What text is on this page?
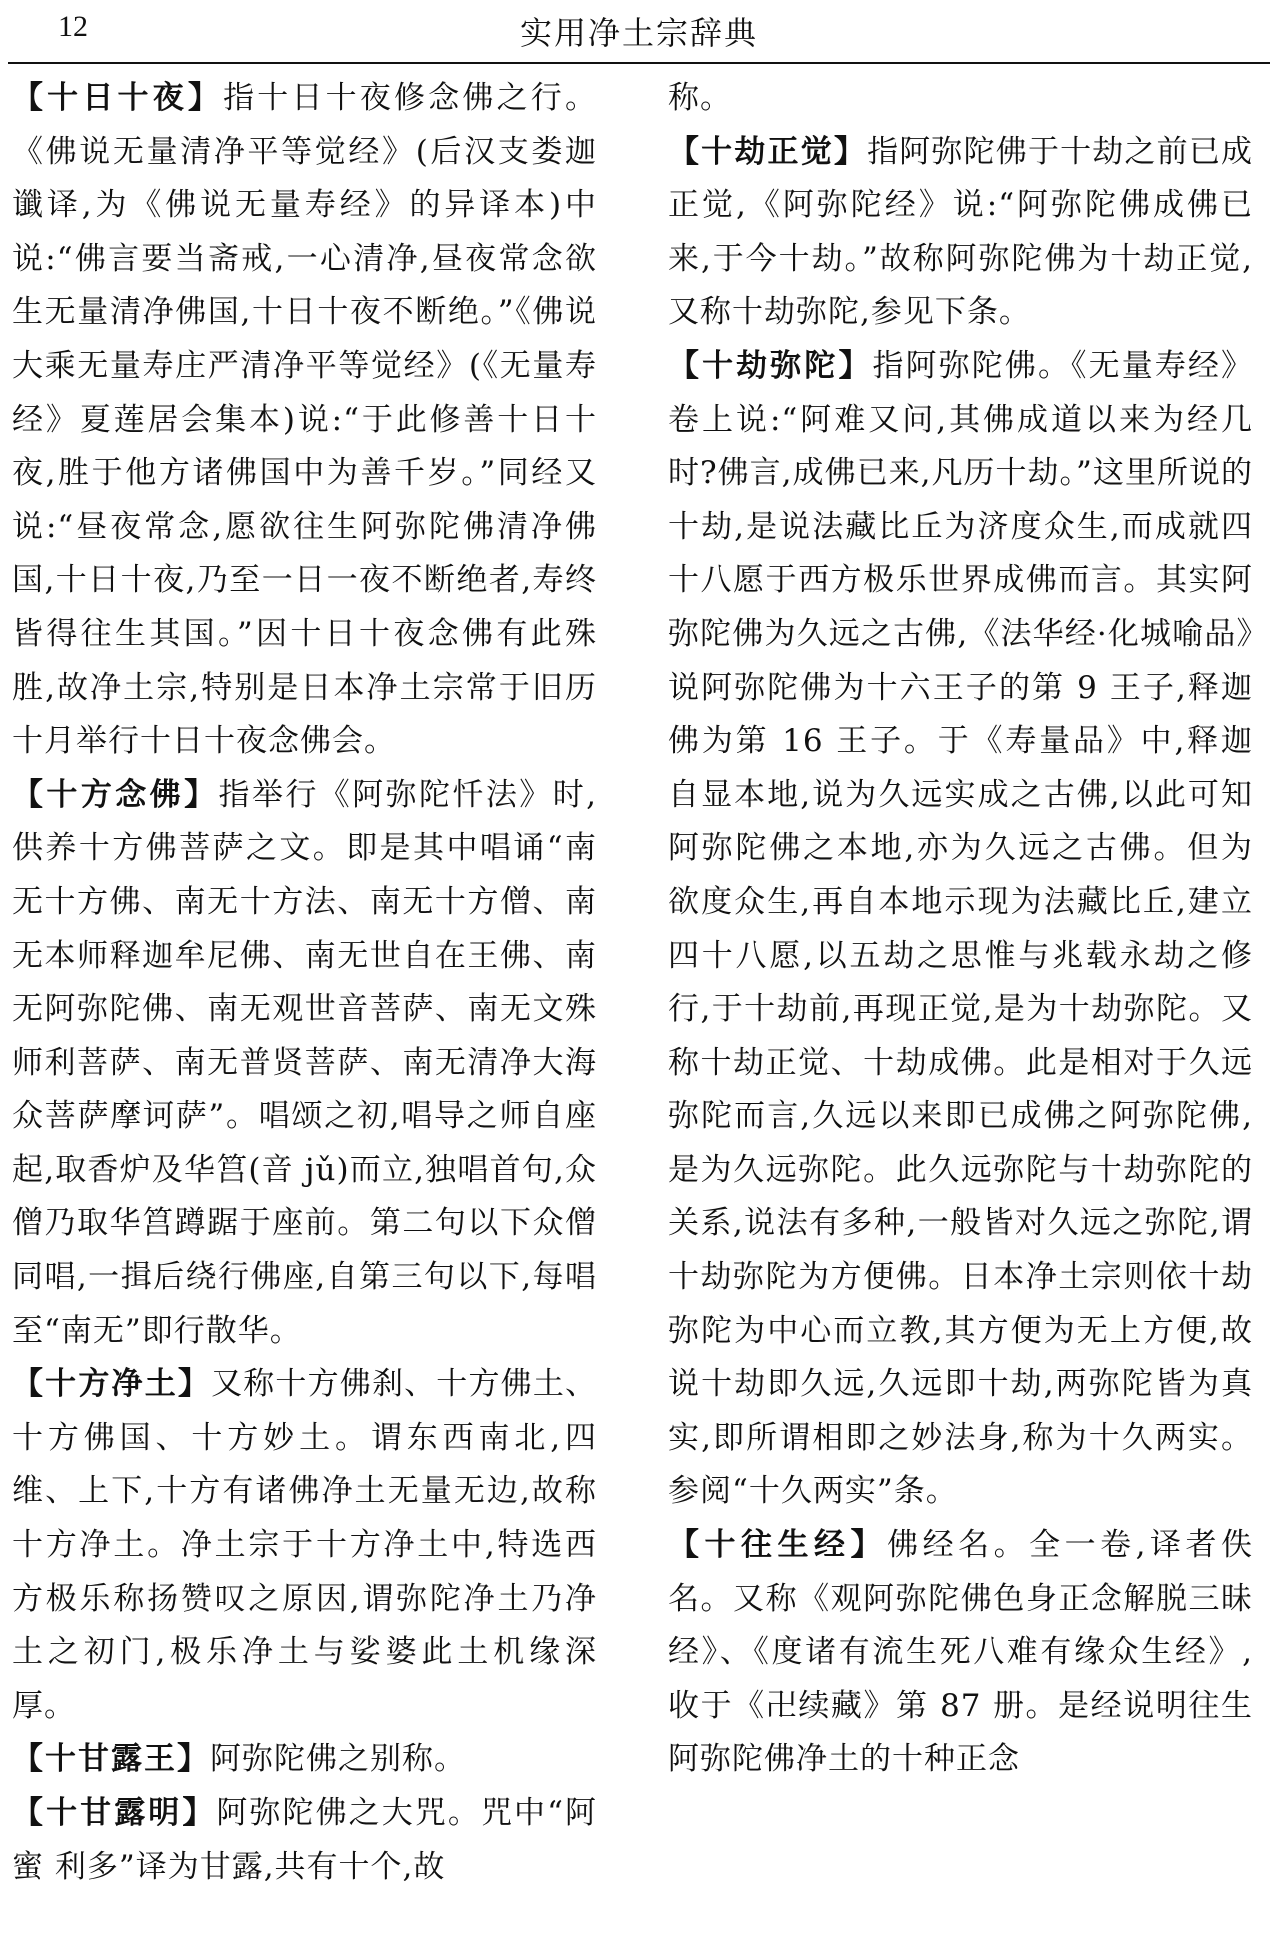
12	实用净土宗辞典

【十日十夜】指十日十夜修念佛之行。《佛说无量清净平等觉经》(后汉支娄迦谶译,为《佛说无量寿经》的异译本)中说:“佛言要当斋戒,一心清净,昼夜常念欲生无量清净佛国,十日十夜不断绝。”《佛说大乘无量寿庄严清净平等觉经》(《无量寿经》夏莲居会集本)说:“于此修善十日十夜,胜于他方诸佛国中为善千岁。”同经又说:“昼夜常念,愿欲往生阿弥陀佛清净佛国,十日十夜,乃至一日一夜不断绝者,寿终皆得往生其国。”因十日十夜念佛有此殊胜,故净土宗,特别是日本净土宗常于旧历十月举行十日十夜念佛会。

【十方念佛】指举行《阿弥陀忏法》时,供养十方佛菩萨之文。即是其中唱诵“南无十方佛、南无十方法、南无十方僧、南无本师释迦牟尼佛、南无世自在王佛、南无阿弥陀佛、南无观世音菩萨、南无文殊师利菩萨、南无普贤菩萨、南无清净大海众菩萨摩诃萨”。唱颂之初,唱导之师自座起,取香炉及华筥(音 jǔ)而立,独唱首句,众僧乃取华筥蹲踞于座前。第二句以下众僧同唱,一揖后绕行佛座,自第三句以下,每唱至“南无”即行散华。

【十方净土】又称十方佛刹、十方佛土、十方佛国、十方妙土。谓东西南北,四维、上下,十方有诸佛净土无量无边,故称十方净土。净土宗于十方净土中,特选西方极乐称扬赞叹之原因,谓弥陀净土乃净土之初门,极乐净土与娑婆此土机缘深厚。

【十甘露王】阿弥陀佛之别称。

【十甘露明】阿弥陀佛之大咒。咒中“阿蜜 利多”译为甘露,共有十个,故

称。

【十劫正觉】指阿弥陀佛于十劫之前已成正觉,《阿弥陀经》说:“阿弥陀佛成佛已来,于今十劫。”故称阿弥陀佛为十劫正觉,又称十劫弥陀,参见下条。

【十劫弥陀】指阿弥陀佛。《无量寿经》卷上说:“阿难又问,其佛成道以来为经几时?佛言,成佛已来,凡历十劫。”这里所说的十劫,是说法藏比丘为济度众生,而成就四十八愿于西方极乐世界成佛而言。其实阿弥陀佛为久远之古佛,《法华经·化城喻品》说阿弥陀佛为十六王子的第 9 王子,释迦佛为第 16 王子。于《寿量品》中,释迦自显本地,说为久远实成之古佛,以此可知阿弥陀佛之本地,亦为久远之古佛。但为欲度众生,再自本地示现为法藏比丘,建立四十八愿,以五劫之思惟与兆载永劫之修行,于十劫前,再现正觉,是为十劫弥陀。又称十劫正觉、十劫成佛。此是相对于久远弥陀而言,久远以来即已成佛之阿弥陀佛,是为久远弥陀。此久远弥陀与十劫弥陀的关系,说法有多种,一般皆对久远之弥陀,谓十劫弥陀为方便佛。日本净土宗则依十劫弥陀为中心而立教,其方便为无上方便,故说十劫即久远,久远即十劫,两弥陀皆为真实,即所谓相即之妙法身,称为十久两实。参阅“十久两实”条。

【十往生经】佛经名。全一卷,译者佚名。又称《观阿弥陀佛色身正念解脱三昧经》、《度诸有流生死八难有缘众生经》,收于《卍续藏》第 87 册。是经说明往生阿弥陀佛净土的十种正念
